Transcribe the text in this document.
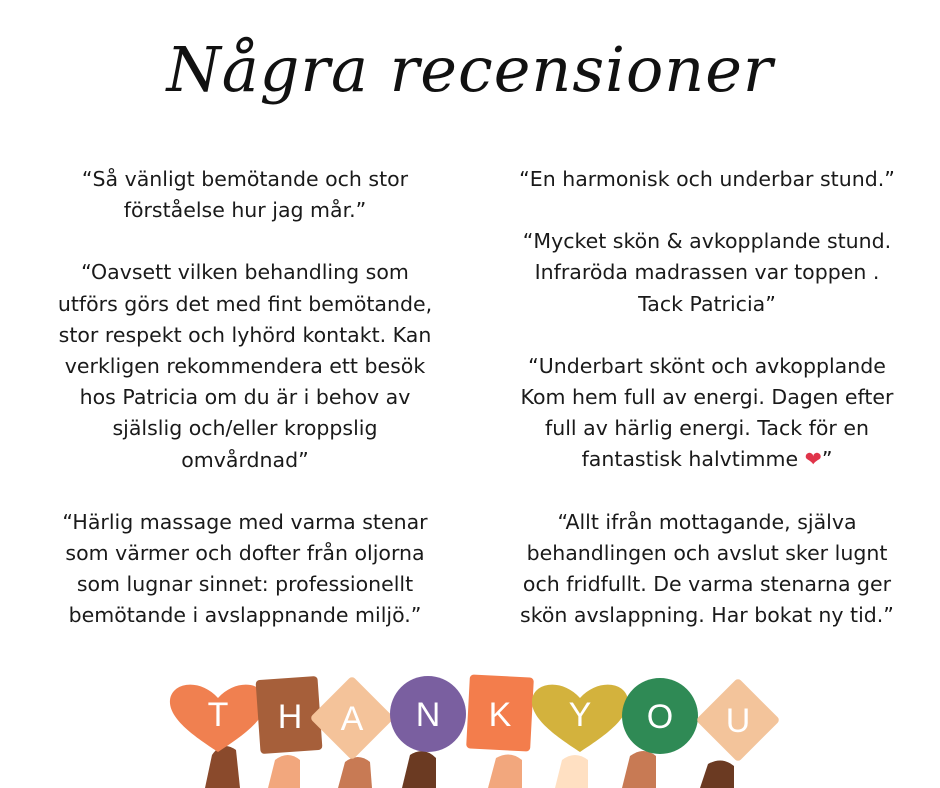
Några recensioner
“Så vänligt bemötande och stor
förståelse hur jag mår.”
“Oavsett vilken behandling som
utförs görs det med fint bemötande,
stor respekt och lyhörd kontakt. Kan
verkligen rekommendera ett besök
hos Patricia om du är i behov av
själslig och/eller kroppslig
omvårdnad”
“Härlig massage med varma stenar
som värmer och dofter från oljorna
som lugnar sinnet: professionellt
bemötande i avslappnande miljö.”
“En harmonisk och underbar stund.”
“Mycket skön & avkopplande stund.
Infraröda madrassen var toppen .
Tack Patricia”
“Underbart skönt och avkopplande
Kom hem full av energi. Dagen efter
full av härlig energi. Tack för en
fantastisk halvtimme ❤”
“Allt ifrån mottagande, själva
behandlingen och avslut sker lugnt
och fridfullt. De varma stenarna ger
skön avslappning. Har bokat ny tid.”
T H A N K Y O U
